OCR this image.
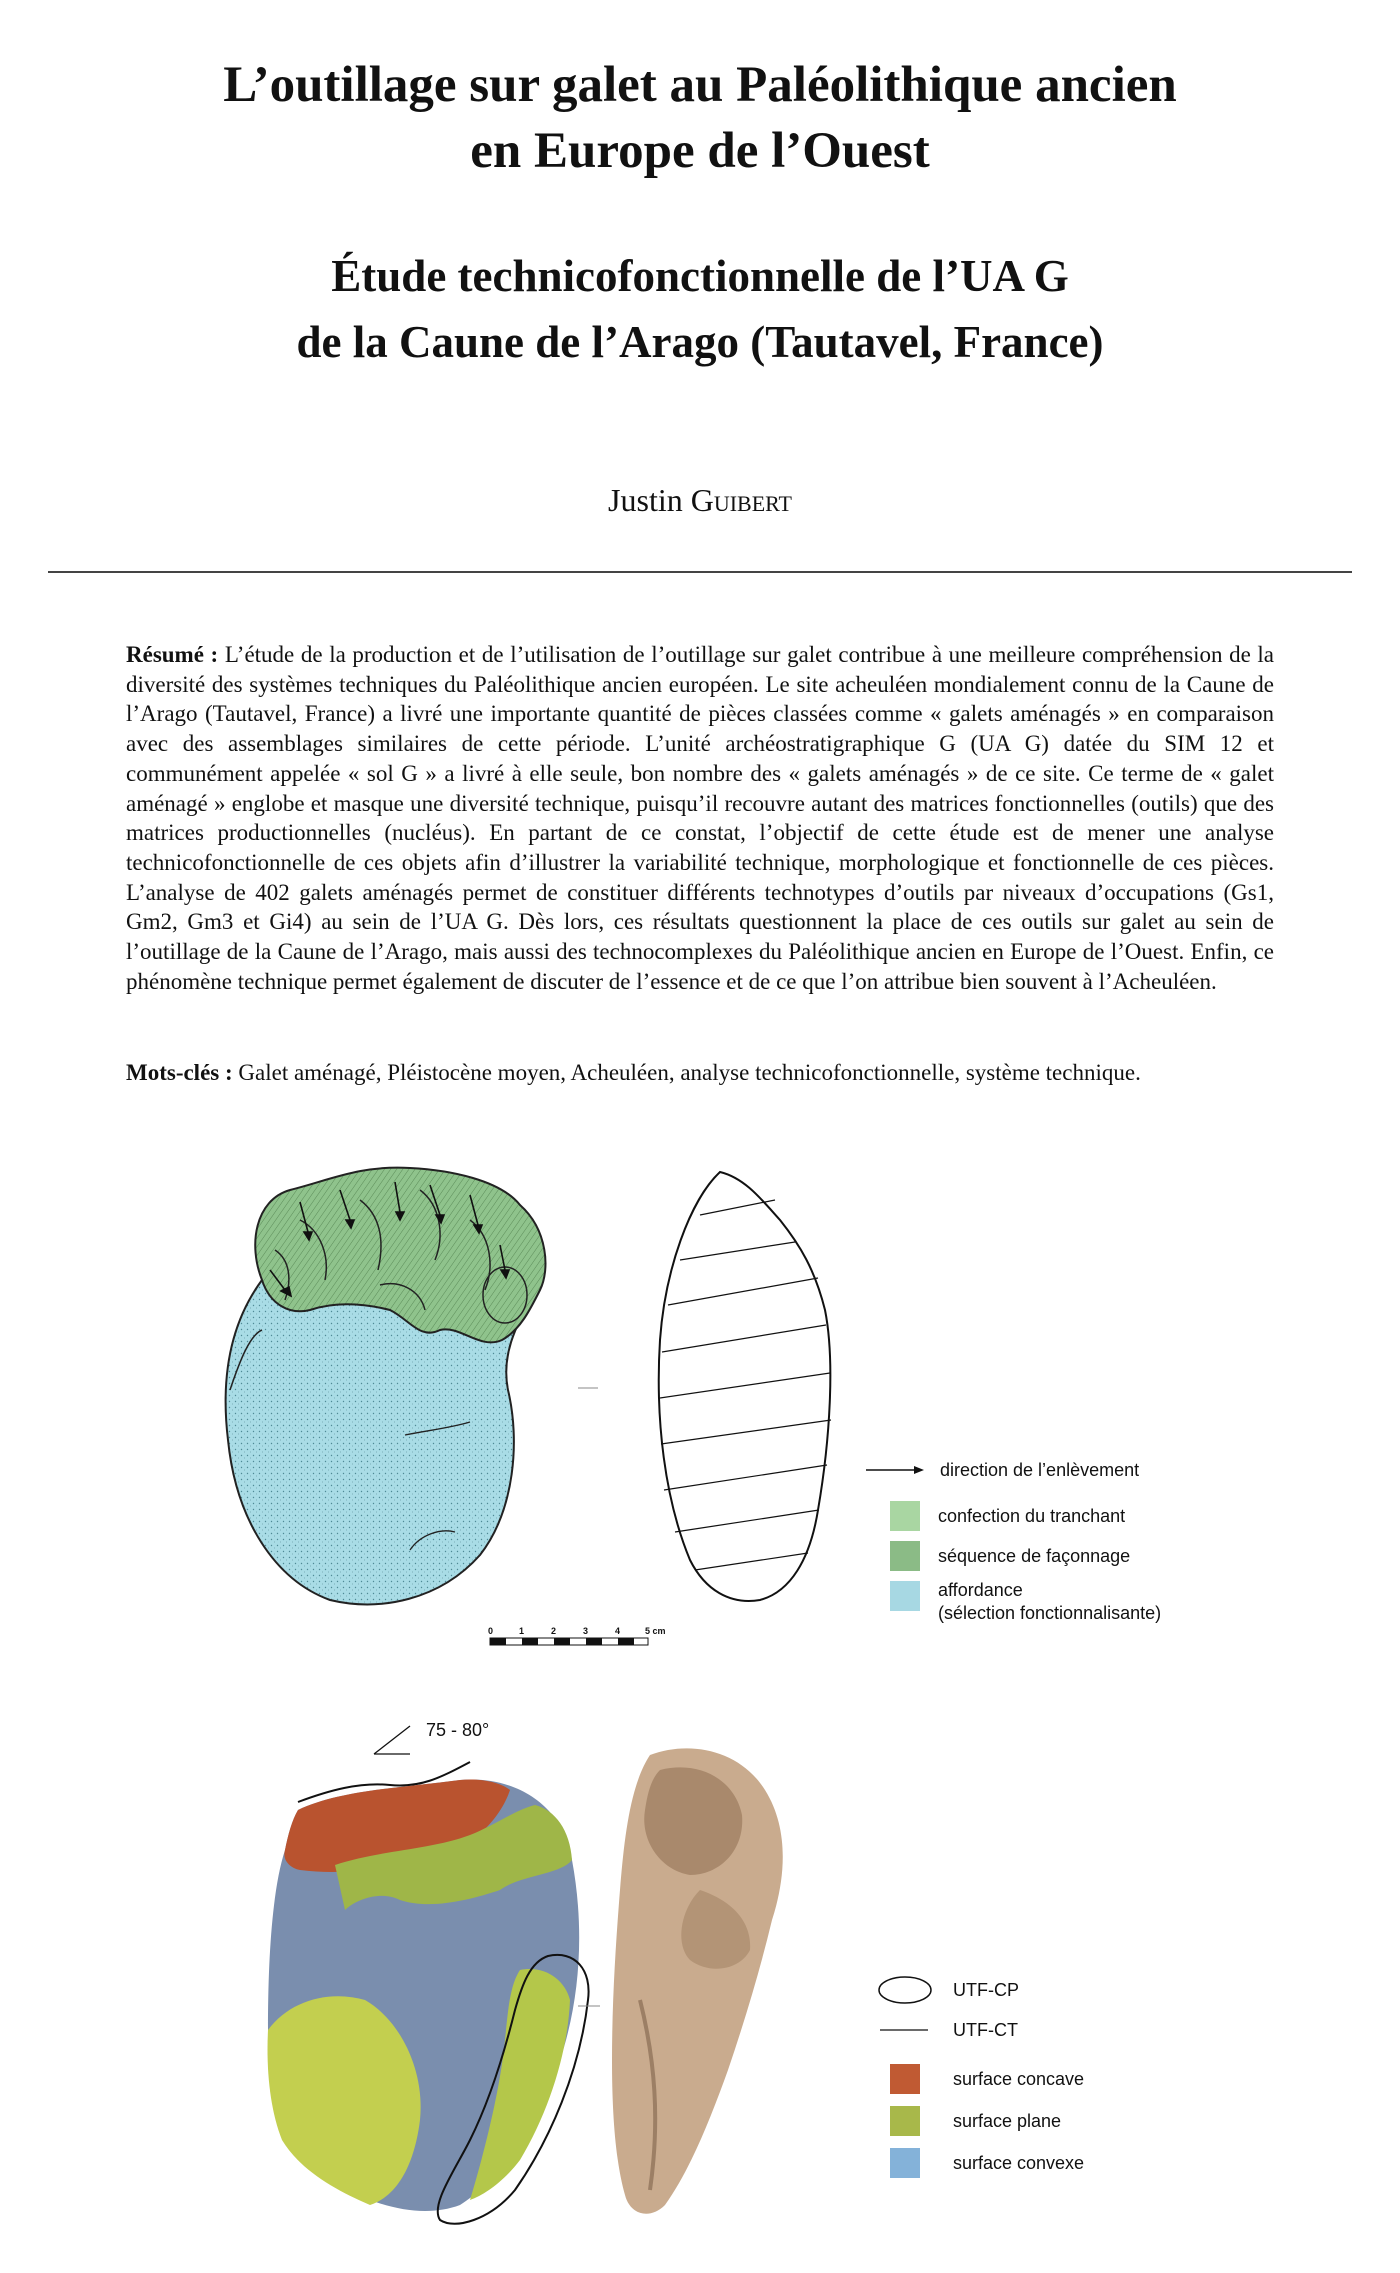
L’outillage sur galet au Paléolithique ancien
en Europe de l’Ouest
Étude technicofonctionnelle de l’UA G
de la Caune de l’Arago (Tautavel, France)
Justin Guibert

Résumé : L’étude de la production et de l’utilisation de l’outillage sur galet contribue à une meilleure compréhension de la diversité des systèmes techniques du Paléolithique ancien européen. Le site acheuléen mondialement connu de la Caune de l’Arago (Tautavel, France) a livré une importante quantité de pièces classées comme « galets aménagés » en comparaison avec des assemblages similaires de cette période. L’unité archéostratigraphique G (UA G) datée du SIM 12 et communément appelée « sol G » a livré à elle seule, bon nombre des « galets aménagés » de ce site. Ce terme de « galet aménagé » englobe et masque une diversité technique, puisqu’il recouvre autant des matrices fonctionnelles (outils) que des matrices productionnelles (nucléus). En partant de ce constat, l’objectif de cette étude est de mener une analyse technicofonctionnelle de ces objets afin d’illustrer la variabilité technique, morphologique et fonctionnelle de ces pièces. L’analyse de 402 galets aménagés permet de constituer différents technotypes d’outils par niveaux d’occupations (Gs1, Gm2, Gm3 et Gi4) au sein de l’UA G. Dès lors, ces résultats questionnent la place de ces outils sur galet au sein de l’outillage de la Caune de l’Arago, mais aussi des technocomplexes du Paléolithique ancien en Europe de l’Ouest. Enfin, ce phénomène technique permet également de discuter de l’essence et de ce que l’on attribue bien souvent à l’Acheuléen.

Mots-clés : Galet aménagé, Pléistocène moyen, Acheuléen, analyse technicofonctionnelle, système technique.

0	1	2	3	4	5 cm
direction de l’enlèvement
confection du tranchant
séquence de façonnage
affordance
(sélection fonctionnalisante)
75 - 80°
UTF-CP
UTF-CT
surface concave
surface plane
surface convexe
